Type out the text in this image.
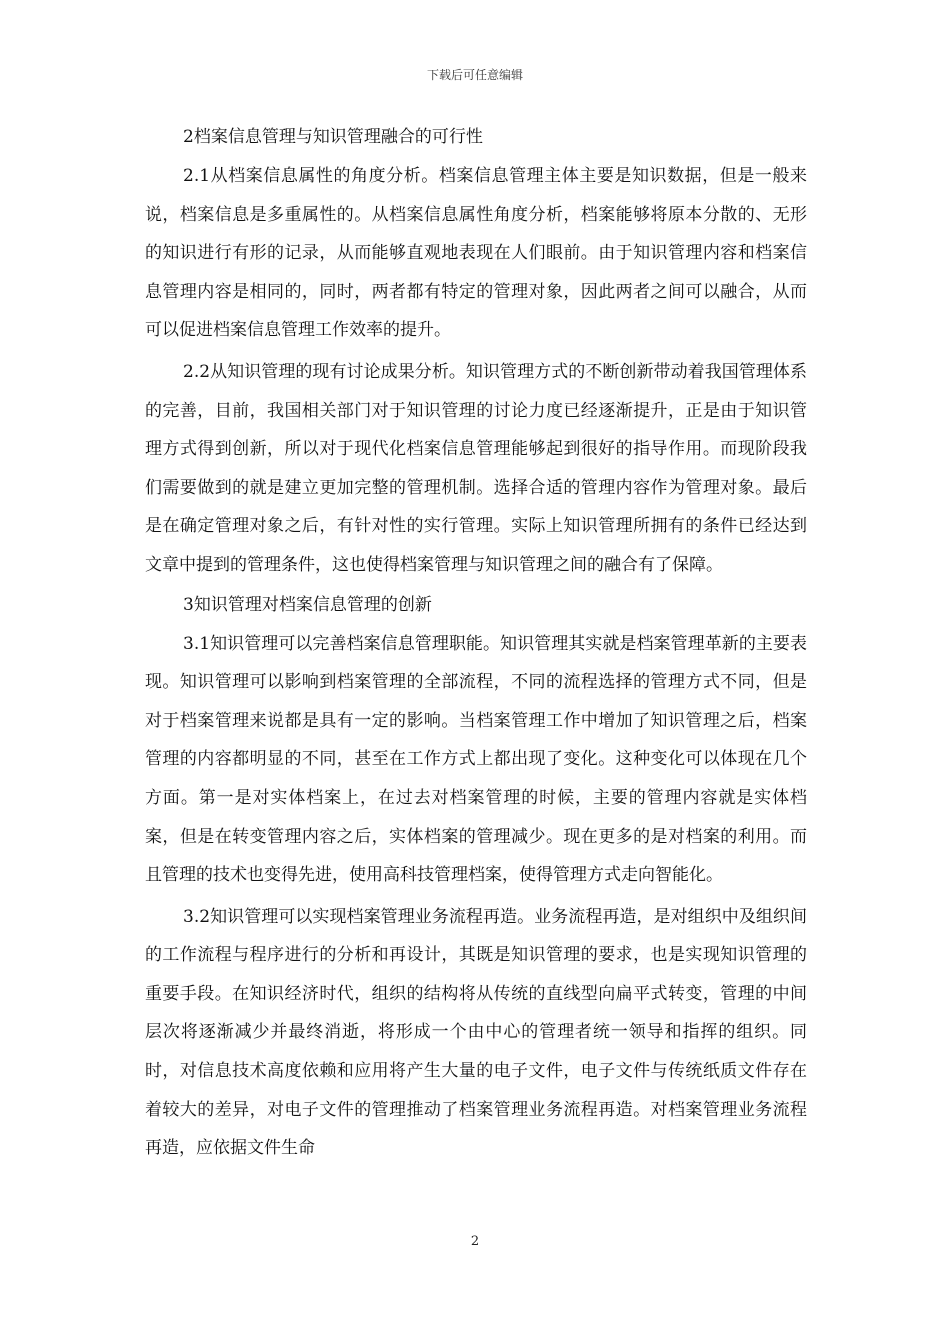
下载后可任意编辑
2档案信息管理与知识管理融合的可行性

2.1从档案信息属性的角度分析。档案信息管理主体主要是知识数据，但是一般来说，档案信息是多重属性的。从档案信息属性角度分析，档案能够将原本分散的、无形的知识进行有形的记录，从而能够直观地表现在人们眼前。由于知识管理内容和档案信息管理内容是相同的，同时，两者都有特定的管理对象，因此两者之间可以融合，从而可以促进档案信息管理工作效率的提升。

2.2从知识管理的现有讨论成果分析。知识管理方式的不断创新带动着我国管理体系的完善，目前，我国相关部门对于知识管理的讨论力度已经逐渐提升，正是由于知识管理方式得到创新，所以对于现代化档案信息管理能够起到很好的指导作用。而现阶段我们需要做到的就是建立更加完整的管理机制。选择合适的管理内容作为管理对象。最后是在确定管理对象之后，有针对性的实行管理。实际上知识管理所拥有的条件已经达到文章中提到的管理条件，这也使得档案管理与知识管理之间的融合有了保障。

3知识管理对档案信息管理的创新

3.1知识管理可以完善档案信息管理职能。知识管理其实就是档案管理革新的主要表现。知识管理可以影响到档案管理的全部流程，不同的流程选择的管理方式不同，但是对于档案管理来说都是具有一定的影响。当档案管理工作中增加了知识管理之后，档案管理的内容都明显的不同，甚至在工作方式上都出现了变化。这种变化可以体现在几个方面。第一是对实体档案上，在过去对档案管理的时候，主要的管理内容就是实体档案，但是在转变管理内容之后，实体档案的管理减少。现在更多的是对档案的利用。而且管理的技术也变得先进，使用高科技管理档案，使得管理方式走向智能化。

3.2知识管理可以实现档案管理业务流程再造。业务流程再造，是对组织中及组织间的工作流程与程序进行的分析和再设计，其既是知识管理的要求，也是实现知识管理的重要手段。在知识经济时代，组织的结构将从传统的直线型向扁平式转变，管理的中间层次将逐渐减少并最终消逝，将形成一个由中心的管理者统一领导和指挥的组织。同时，对信息技术高度依赖和应用将产生大量的电子文件，电子文件与传统纸质文件存在着较大的差异，对电子文件的管理推动了档案管理业务流程再造。对档案管理业务流程再造，应依据文件生命

2
